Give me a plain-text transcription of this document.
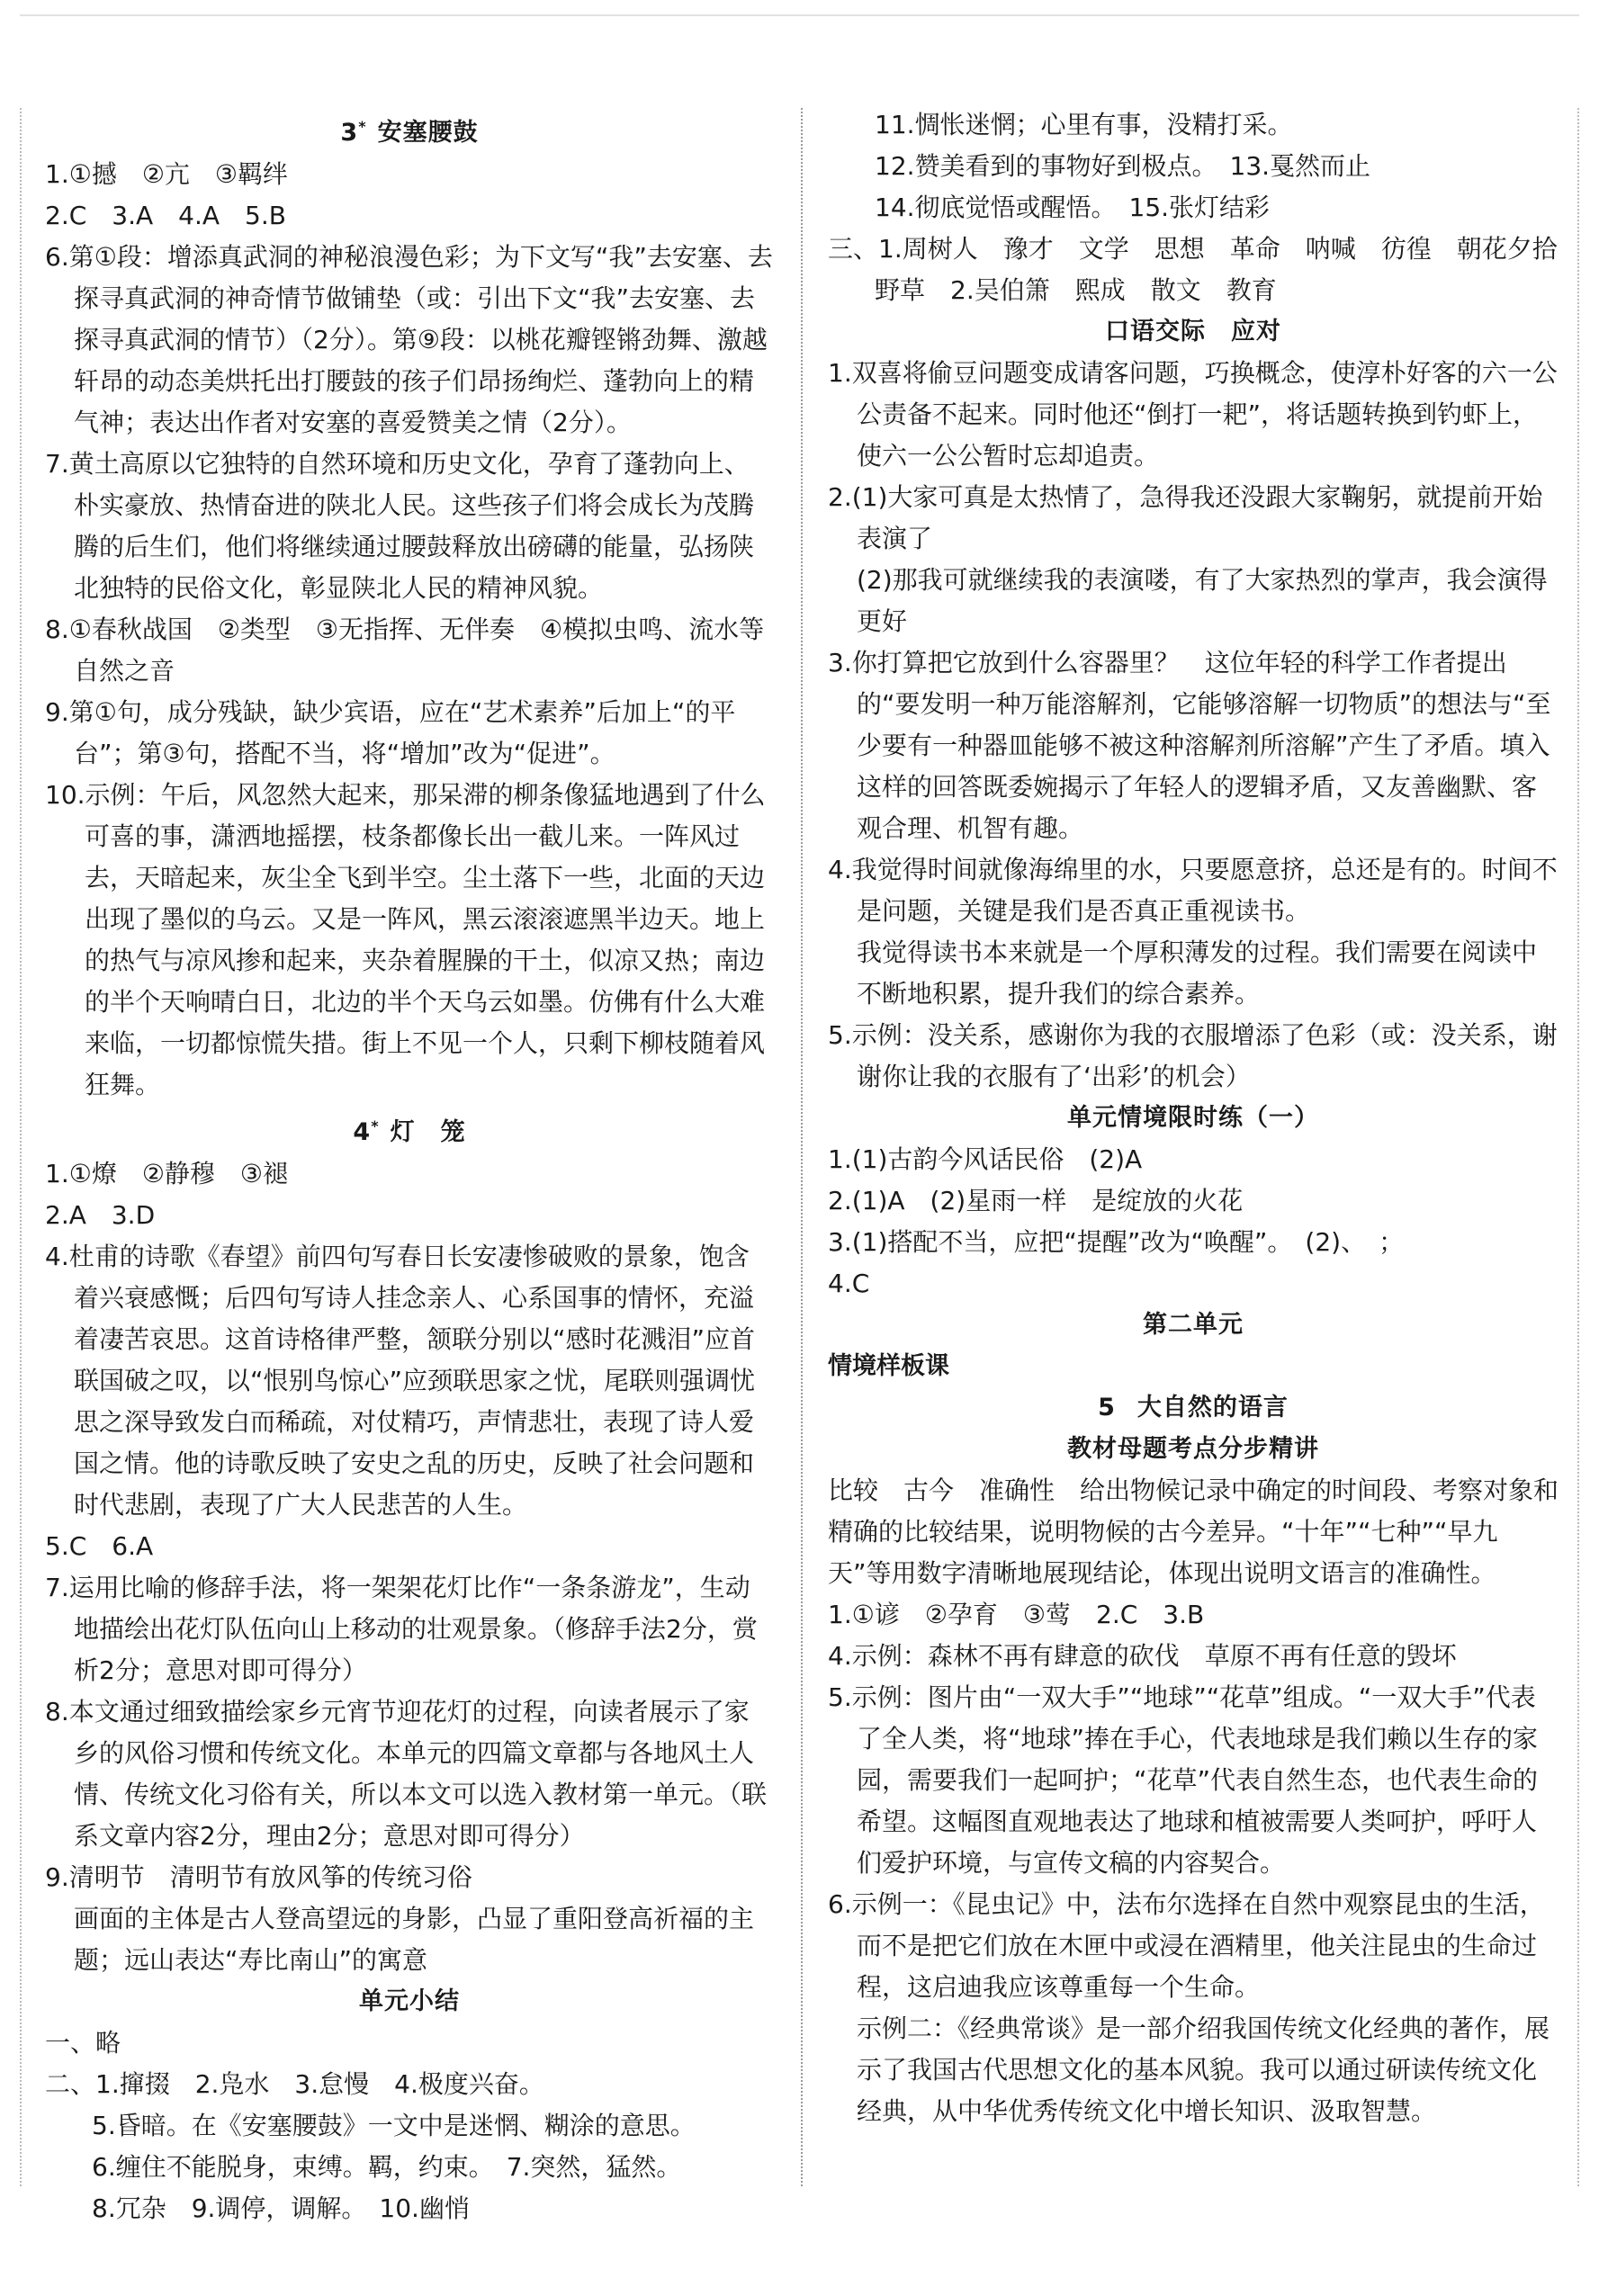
3* 安塞腰鼓

1.①撼　②亢　③羁绊

2.C　3.A　4.A　5.B

6.第①段：增添真武洞的神秘浪漫色彩；为下文写“我”去安塞、去探寻真武洞的神奇情节做铺垫（或：引出下文“我”去安塞、去探寻真武洞的情节）（2分）。第⑨段：以桃花瓣铿锵劲舞、激越轩昂的动态美烘托出打腰鼓的孩子们昂扬绚烂、蓬勃向上的精气神；表达出作者对安塞的喜爱赞美之情（2分）。

7.黄土高原以它独特的自然环境和历史文化，孕育了蓬勃向上、朴实豪放、热情奋进的陕北人民。这些孩子们将会成长为茂腾腾的后生们，他们将继续通过腰鼓释放出磅礴的能量，弘扬陕北独特的民俗文化，彰显陕北人民的精神风貌。

8.①春秋战国　②类型　③无指挥、无伴奏　④模拟虫鸣、流水等自然之音

9.第①句，成分残缺，缺少宾语，应在“艺术素养”后加上“的平台”；第③句，搭配不当，将“增加”改为“促进”。

10.示例：午后，风忽然大起来，那呆滞的柳条像猛地遇到了什么可喜的事，潇洒地摇摆，枝条都像长出一截儿来。一阵风过去，天暗起来，灰尘全飞到半空。尘土落下一些，北面的天边出现了墨似的乌云。又是一阵风，黑云滚滚遮黑半边天。地上的热气与凉风掺和起来，夹杂着腥臊的干土，似凉又热；南边的半个天响晴白日，北边的半个天乌云如墨。仿佛有什么大难来临，一切都惊慌失措。街上不见一个人，只剩下柳枝随着风狂舞。

4* 灯　笼

1.①燎　②静穆　③褪

2.A　3.D

4.杜甫的诗歌《春望》前四句写春日长安凄惨破败的景象，饱含着兴衰感慨；后四句写诗人挂念亲人、心系国事的情怀，充溢着凄苦哀思。这首诗格律严整，颔联分别以“感时花溅泪”应首联国破之叹，以“恨别鸟惊心”应颈联思家之忧，尾联则强调忧思之深导致发白而稀疏，对仗精巧，声情悲壮，表现了诗人爱国之情。他的诗歌反映了安史之乱的历史，反映了社会问题和时代悲剧，表现了广大人民悲苦的人生。

5.C　6.A

7.运用比喻的修辞手法，将一架架花灯比作“一条条游龙”，生动地描绘出花灯队伍向山上移动的壮观景象。（修辞手法2分，赏析2分；意思对即可得分）

8.本文通过细致描绘家乡元宵节迎花灯的过程，向读者展示了家乡的风俗习惯和传统文化。本单元的四篇文章都与各地风土人情、传统文化习俗有关，所以本文可以选入教材第一单元。（联系文章内容2分，理由2分；意思对即可得分）

9.清明节　清明节有放风筝的传统习俗

画面的主体是古人登高望远的身影，凸显了重阳登高祈福的主题；远山表达“寿比南山”的寓意

单元小结

一、略

二、1.撺掇　2.凫水　3.怠慢　4.极度兴奋。

5.昏暗。在《安塞腰鼓》一文中是迷惘、糊涂的意思。

6.缠住不能脱身，束缚。羁，约束。　7.突然，猛然。

8.冗杂　9.调停，调解。　10.幽悄

11.惆怅迷惘；心里有事，没精打采。

12.赞美看到的事物好到极点。　13.戛然而止

14.彻底觉悟或醒悟。　15.张灯结彩

三、1.周树人　豫才　文学　思想　革命　呐喊　彷徨　朝花夕拾　野草　2.吴伯箫　熙成　散文　教育

口语交际　应对

1.双喜将偷豆问题变成请客问题，巧换概念，使淳朴好客的六一公公责备不起来。同时他还“倒打一耙”，将话题转换到钓虾上，使六一公公暂时忘却追责。

2.(1)大家可真是太热情了，急得我还没跟大家鞠躬，就提前开始表演了

(2)那我可就继续我的表演喽，有了大家热烈的掌声，我会演得更好

3.你打算把它放到什么容器里？　这位年轻的科学工作者提出的“要发明一种万能溶解剂，它能够溶解一切物质”的想法与“至少要有一种器皿能够不被这种溶解剂所溶解”产生了矛盾。填入这样的回答既委婉揭示了年轻人的逻辑矛盾，又友善幽默、客观合理、机智有趣。

4.我觉得时间就像海绵里的水，只要愿意挤，总还是有的。时间不是问题，关键是我们是否真正重视读书。

我觉得读书本来就是一个厚积薄发的过程。我们需要在阅读中不断地积累，提升我们的综合素养。

5.示例：没关系，感谢你为我的衣服增添了色彩（或：没关系，谢谢你让我的衣服有了‘出彩’的机会）

单元情境限时练（一）

1.(1)古韵今风话民俗　(2)A

2.(1)A　(2)星雨一样　是绽放的火花

3.(1)搭配不当，应把“提醒”改为“唤醒”。　(2)、　；

4.C

第二单元

情境样板课

5 大自然的语言

教材母题考点分步精讲

比较　古今　准确性　给出物候记录中确定的时间段、考察对象和精确的比较结果，说明物候的古今差异。“十年”“七种”“早九天”等用数字清晰地展现结论，体现出说明文语言的准确性。

1.①谚　②孕育　③莺　2.C　3.B

4.示例：森林不再有肆意的砍伐　草原不再有任意的毁坏

5.示例：图片由“一双大手”“地球”“花草”组成。“一双大手”代表了全人类，将“地球”捧在手心，代表地球是我们赖以生存的家园，需要我们一起呵护；“花草”代表自然生态，也代表生命的希望。这幅图直观地表达了地球和植被需要人类呵护，呼吁人们爱护环境，与宣传文稿的内容契合。

6.示例一：《昆虫记》中，法布尔选择在自然中观察昆虫的生活，而不是把它们放在木匣中或浸在酒精里，他关注昆虫的生命过程，这启迪我应该尊重每一个生命。

示例二：《经典常谈》是一部介绍我国传统文化经典的著作，展示了我国古代思想文化的基本风貌。我可以通过研读传统文化经典，从中华优秀传统文化中增长知识、汲取智慧。
